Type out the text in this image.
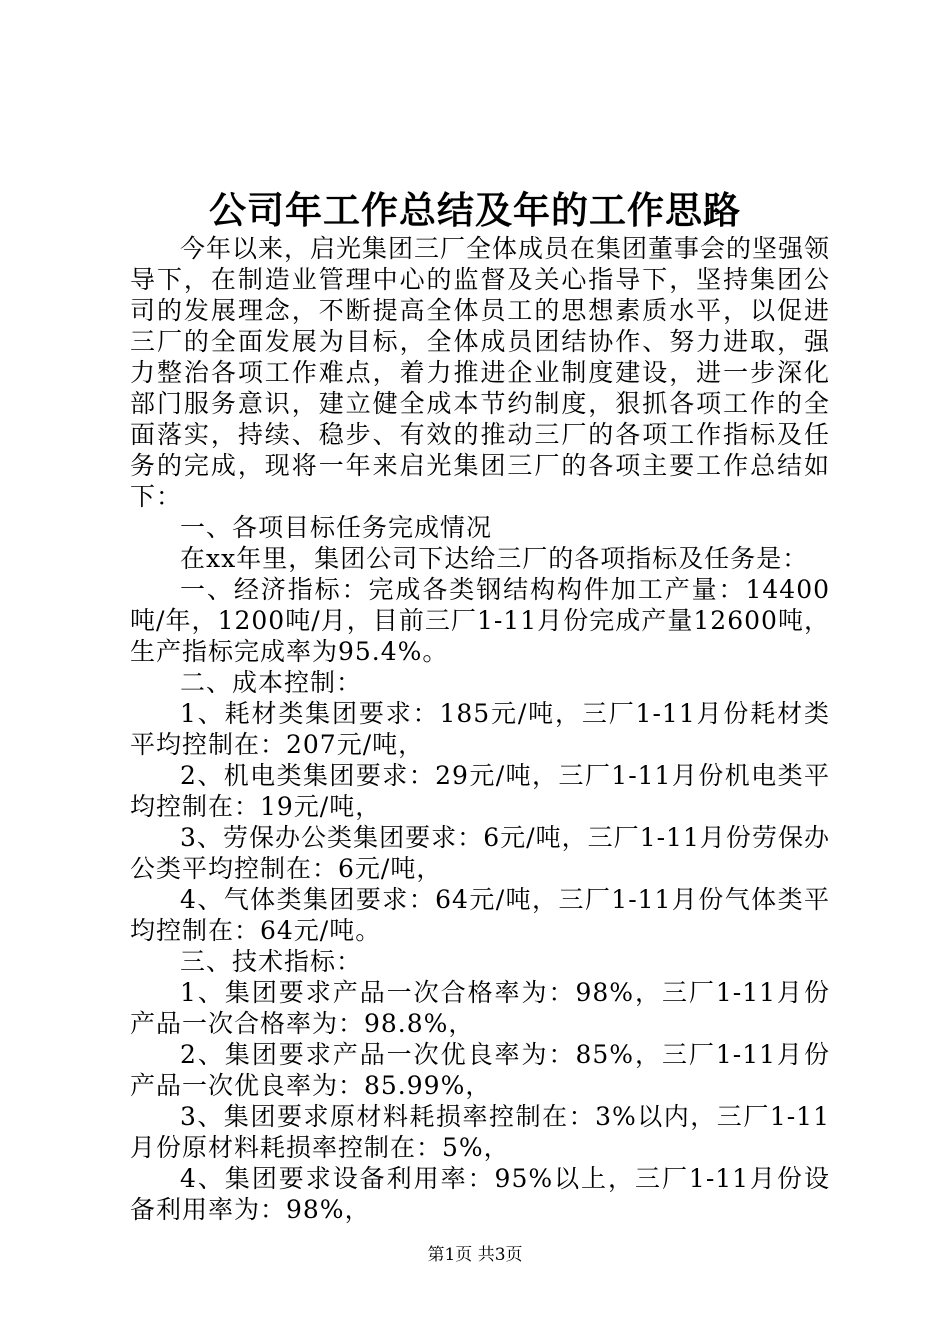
公司年工作总结及年的工作思路

今年以来，启光集团三厂全体成员在集团董事会的坚强领导下，在制造业管理中心的监督及关心指导下，坚持集团公司的发展理念，不断提高全体员工的思想素质水平，以促进三厂的全面发展为目标，全体成员团结协作、努力进取，强力整治各项工作难点，着力推进企业制度建设，进一步深化部门服务意识，建立健全成本节约制度，狠抓各项工作的全面落实，持续、稳步、有效的推动三厂的各项工作指标及任务的完成，现将一年来启光集团三厂的各项主要工作总结如下：

一、各项目标任务完成情况

在xx年里，集团公司下达给三厂的各项指标及任务是：

一、经济指标：完成各类钢结构构件加工产量：14400吨/年，1200吨/月，目前三厂1-11月份完成产量12600吨，生产指标完成率为95.4%。

二、成本控制：

1、耗材类集团要求：185元/吨，三厂1-11月份耗材类平均控制在：207元/吨，

2、机电类集团要求：29元/吨，三厂1-11月份机电类平均控制在：19元/吨，

3、劳保办公类集团要求：6元/吨，三厂1-11月份劳保办公类平均控制在：6元/吨，

4、气体类集团要求：64元/吨，三厂1-11月份气体类平均控制在：64元/吨。

三、技术指标：

1、集团要求产品一次合格率为：98%，三厂1-11月份产品一次合格率为：98.8%，

2、集团要求产品一次优良率为：85%，三厂1-11月份产品一次优良率为：85.99%，

3、集团要求原材料耗损率控制在：3%以内，三厂1-11月份原材料耗损率控制在：5%，

4、集团要求设备利用率：95%以上，三厂1-11月份设备利用率为：98%，

第1页 共3页
